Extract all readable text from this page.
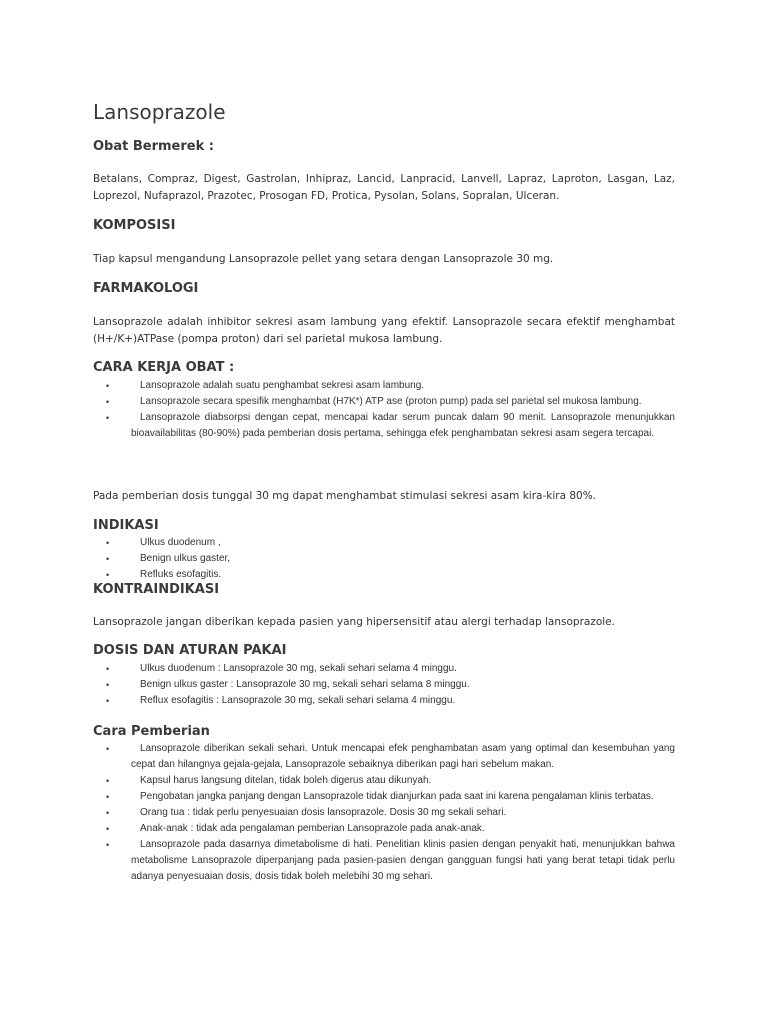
Lansoprazole
Obat Bermerek :

Betalans, Compraz, Digest, Gastrolan, Inhipraz, Lancid, Lanpracid, Lanvell, Lapraz, Laproton, Lasgan, Laz, Loprezol, Nufaprazol, Prazotec, Prosogan FD, Protica, Pysolan, Solans, Sopralan, Ulceran.

KOMPOSISI

Tiap kapsul mengandung Lansoprazole pellet yang setara dengan Lansoprazole 30 mg.

FARMAKOLOGI

Lansoprazole adalah inhibitor sekresi asam lambung yang efektif. Lansoprazole secara efektif menghambat (H+/K+)ATPase (pompa proton) dari sel parietal mukosa lambung.

CARA KERJA OBAT :
•	Lansoprazole adalah suatu penghambat sekresi asam lambung.
•	Lansoprazole secara spesifik menghambat (H7K*) ATP ase (proton pump) pada sel parietal sel mukosa lambung.
•	Lansoprazole diabsorpsi dengan cepat, mencapai kadar serum puncak dalam 90 menit. Lansoprazole menunjukkan bioavailabilitas (80-90%) pada pemberian dosis pertama, sehingga efek penghambatan sekresi asam segera tercapai.

Pada pemberian dosis tunggal 30 mg dapat menghambat stimulasi sekresi asam kira-kira 80%.

INDIKASI
•	Ulkus duodenum ,
•	Benign ulkus gaster,
•	Refluks esofagitis.
KONTRAINDIKASI

Lansoprazole jangan diberikan kepada pasien yang hipersensitif atau alergi terhadap lansoprazole.

DOSIS DAN ATURAN PAKAI
•	Ulkus duodenum : Lansoprazole 30 mg, sekali sehari selama 4 minggu.
•	Benign ulkus gaster : Lansoprazole 30 mg, sekali sehari selama 8 minggu.
•	Reflux esofagitis : Lansoprazole 30 mg, sekali sehari selama 4 minggu.
Cara Pemberian
•	Lansoprazole diberikan sekali sehari. Untuk mencapai efek penghambatan asam yang optimal dan kesembuhan yang cepat dan hilangnya gejala-gejala, Lansoprazole sebaiknya diberikan pagi hari sebelum makan.
•	Kapsul harus langsung ditelan, tidak boleh digerus atau dikunyah.
•	Pengobatan jangka panjang dengan Lansoprazole tidak dianjurkan pada saat ini karena pengalaman klinis terbatas.
•	Orang tua : tidak perlu penyesuaian dosis lansoprazole. Dosis 30 mg sekali sehari.
•	Anak-anak : tidak ada pengalaman pemberian Lansoprazole pada anak-anak.
•	Lansoprazole pada dasarnya dimetabolisme di hati. Penelitian klinis pasien dengan penyakit hati, menunjukkan bahwa metabolisme Lansoprazole diperpanjang pada pasien-pasien dengan gangguan fungsi hati yang berat tetapi tidak perlu adanya penyesuaian dosis, dosis tidak boleh melebihi 30 mg sehari.
